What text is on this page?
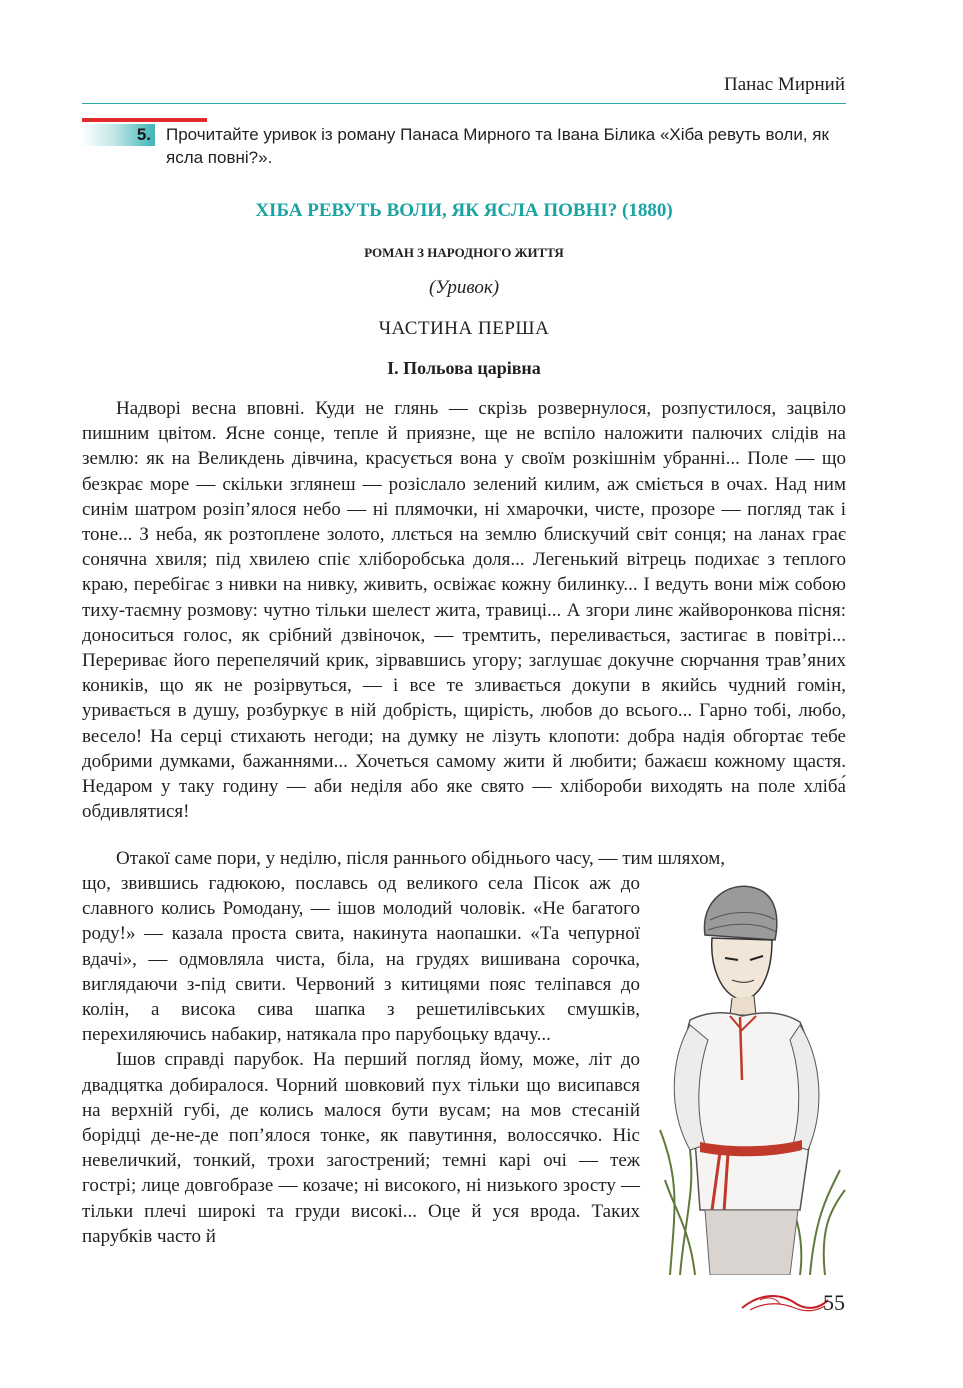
Панас Мирний
5. Прочитайте уривок із роману Панаса Мирного та Івана Білика «Хіба ревуть воли, як ясла повні?».
ХІБА РЕВУТЬ ВОЛИ, ЯК ЯСЛА ПОВНІ? (1880)
РОМАН З НАРОДНОГО ЖИТТЯ
(Уривок)
ЧАСТИНА ПЕРША
І. Польова царівна

Надворі весна вповні. Куди не глянь — скрізь розвернулося, розпустилося, зацвіло пишним цвітом. Ясне сонце, тепле й приязне, ще не вспіло наложити палючих слідів на землю: як на Великдень дівчина, красується вона у своїм розкішнім убранні... Поле — що безкрає море — скільки зглянеш — розіслало зелений килим, аж сміється в очах. Над ним синім шатром розіп’ялося небо — ні плямочки, ні хмарочки, чисте, прозоре — погляд так і тоне... З неба, як розтоплене золото, ллється на землю блискучий світ сонця; на ланах грає сонячна хвиля; під хвилею спіє хліборобська доля... Легенький вітрець подихає з теплого краю, перебігає з нивки на нивку, живить, освіжає кожну билинку... І ведуть вони між собою тиху-таємну розмову: чутно тільки шелест жита, травиці... А згори линє жайворонкова пісня: доноситься голос, як срібний дзвіночок, — тремтить, переливається, застигає в повітрі... Перериває його перепелячий крик, зірвавшись угору; заглушає докучне сюрчання трав’яних коників, що як не розірвуться, — і все те зливається докупи в якийсь чудний гомін, уривається в душу, розбуркує в ній добрість, щирість, любов до всього... Гарно тобі, любо, весело! На серці стихають негоди; на думку не лізуть клопоти: добра надія обгортає тебе добрими думками, бажаннями... Хочеться самому жити й любити; бажаєш кожному щастя. Недаром у таку годину — аби неділя або яке свято — хлібороби виходять на поле хліба́ обдивлятися!

Отакої саме пори, у неділю, після раннього обіднього часу, — тим шляхом,

що, звившись гадюкою, пославсь од великого села Пісок аж до славного колись Ромодану, — ішов молодий чоловік. «Не багатого роду!» — казала проста свита, накинута наопашки. «Та чепурної вдачі», — одмовляла чиста, біла, на грудях вишивана сорочка, виглядаючи з-під свити. Червоний з китицями пояс теліпався до колін, а висока сива шапка з решетилівських смушків, перехиляючись набакир, натякала про парубоцьку вдачу...

Ішов справді парубок. На перший погляд йому, може, літ до двадцятка добиралося. Чорний шовковий пух тільки що висипався на верхній губі, де колись малося бути вусам; на мов стесаній борідці де-не-де поп’ялося тонке, як павутиння, волоссячко. Ніс невеличкий, тонкий, трохи загострений; темні карі очі — теж гострі; лице довгобразе — козаче; ні високого, ні низького зросту — тільки плечі широкі та груди високі... Оце й уся врода. Таких парубків часто й

55
